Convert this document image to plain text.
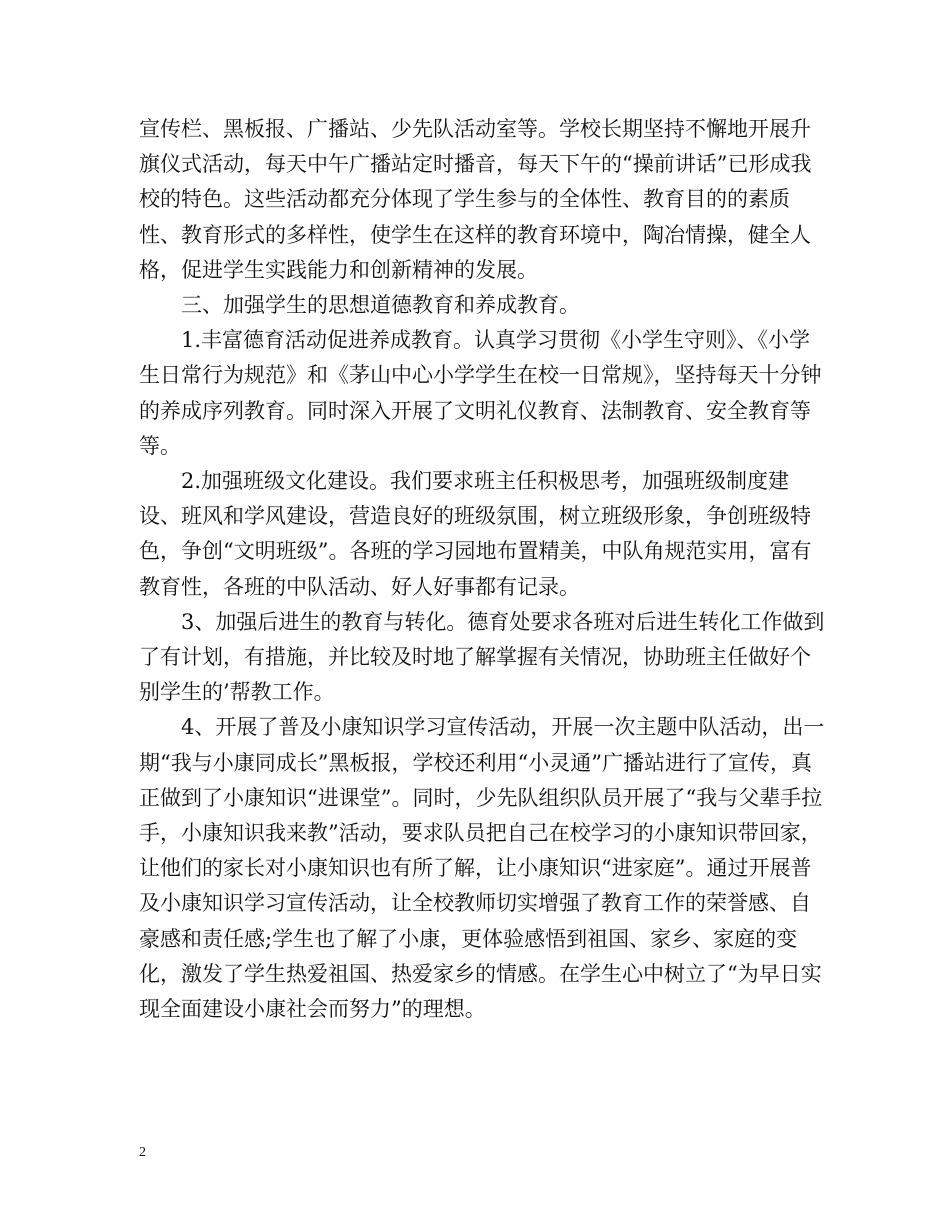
宣传栏、黑板报、广播站、少先队活动室等。学校长期坚持不懈地开展升旗仪式活动，每天中午广播站定时播音，每天下午的“操前讲话”已形成我校的特色。这些活动都充分体现了学生参与的全体性、教育目的的素质性、教育形式的多样性，使学生在这样的教育环境中，陶冶情操，健全人格，促进学生实践能力和创新精神的发展。

三、加强学生的思想道德教育和养成教育。

1.丰富德育活动促进养成教育。认真学习贯彻《小学生守则》、《小学生日常行为规范》和《茅山中心小学学生在校一日常规》，坚持每天十分钟的养成序列教育。同时深入开展了文明礼仪教育、法制教育、安全教育等等。

2.加强班级文化建设。我们要求班主任积极思考，加强班级制度建设、班风和学风建设，营造良好的班级氛围，树立班级形象，争创班级特色，争创“文明班级”。各班的学习园地布置精美，中队角规范实用，富有教育性，各班的中队活动、好人好事都有记录。

3、加强后进生的教育与转化。德育处要求各班对后进生转化工作做到了有计划，有措施，并比较及时地了解掌握有关情况，协助班主任做好个别学生的’帮教工作。

4、开展了普及小康知识学习宣传活动，开展一次主题中队活动，出一期“我与小康同成长”黑板报，学校还利用“小灵通”广播站进行了宣传，真正做到了小康知识“进课堂”。同时，少先队组织队员开展了“我与父辈手拉手，小康知识我来教”活动，要求队员把自己在校学习的小康知识带回家，让他们的家长对小康知识也有所了解，让小康知识“进家庭”。通过开展普及小康知识学习宣传活动，让全校教师切实增强了教育工作的荣誉感、自豪感和责任感;学生也了解了小康，更体验感悟到祖国、家乡、家庭的变化，激发了学生热爱祖国、热爱家乡的情感。在学生心中树立了“为早日实现全面建设小康社会而努力”的理想。

2
